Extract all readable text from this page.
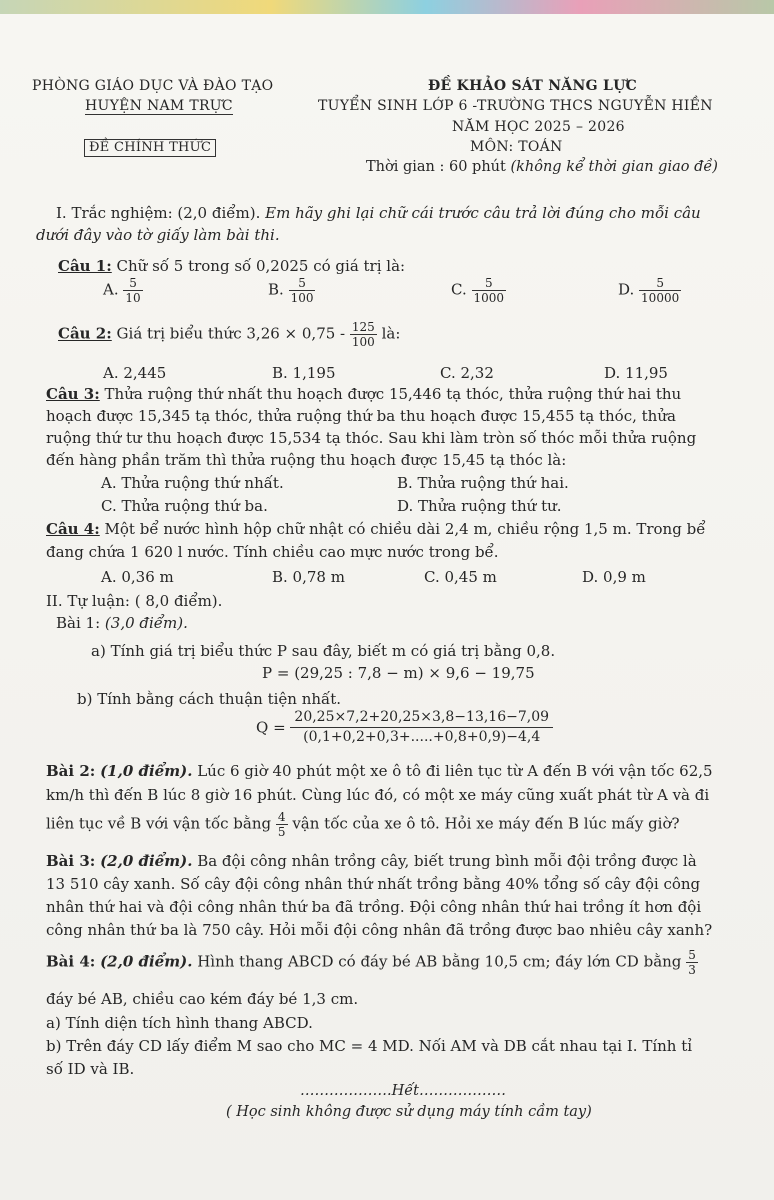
PHÒNG GIÁO DỤC VÀ ĐÀO TẠO
HUYỆN NAM TRỰC
ĐỀ CHÍNH THỨC
ĐỀ KHẢO SÁT NĂNG LỰC
TUYỂN SINH LỚP 6 -TRƯỜNG THCS NGUYỄN HIỀN
NĂM HỌC 2025 – 2026
MÔN: TOÁN
Thời gian : 60 phút (không kể thời gian giao đề)
I. Trắc nghiệm: (2,0 điểm). Em hãy ghi lại chữ cái trước câu trả lời đúng cho mỗi câu
dưới đây vào tờ giấy làm bài thi.
Câu 1: Chữ số 5 trong số 0,2025 có giá trị là:
A. $\frac{5}{10}$	B. $\frac{5}{100}$	C. $\frac{5}{1000}$	D. $\frac{5}{10000}$
Câu 2: Giá trị biểu thức $3,26 \times 0,75 - \frac{125}{100}$ là:
A. 2,445	B. 1,195	C. 2,32	D. 11,95
Câu 3: Thửa ruộng thứ nhất thu hoạch được 15,446 tạ thóc, thửa ruộng thứ hai thu
hoạch được 15,345 tạ thóc, thửa ruộng thứ ba thu hoạch được 15,455 tạ thóc, thửa
ruộng thứ tư thu hoạch được 15,534 tạ thóc. Sau khi làm tròn số thóc mỗi thửa ruộng
đến hàng phần trăm thì thửa ruộng thu hoạch được 15,45 tạ thóc là:
A. Thửa ruộng thứ nhất.	B. Thửa ruộng thứ hai.
C. Thửa ruộng thứ ba.	D. Thửa ruộng thứ tư.
Câu 4: Một bể nước hình hộp chữ nhật có chiều dài 2,4 m, chiều rộng 1,5 m. Trong bể
đang chứa 1 620 l nước. Tính chiều cao mực nước trong bể.
A. 0,36 m	B. 0,78 m	C. 0,45 m	D. 0,9 m
II. Tự luận: ( 8,0 điểm).
Bài 1: (3,0 điểm).
a) Tính giá trị biểu thức P sau đây, biết m có giá trị bằng 0,8.
P = (29,25 : 7,8 − m) × 9,6 − 19,75
b) Tính bằng cách thuận tiện nhất.
$Q = \frac{20,25\times 7,2+20,25\times 3,8-13,16-7,09}{(0,1+0,2+0,3+.....+0,8+0,9)-4,4}$
Bài 2: (1,0 điểm). Lúc 6 giờ 40 phút một xe ô tô đi liên tục từ A đến B với vận tốc 62,5
km/h thì đến B lúc 8 giờ 16 phút. Cùng lúc đó, có một xe máy cũng xuất phát từ A và đi
liên tục về B với vận tốc bằng $\frac{4}{5}$ vận tốc của xe ô tô. Hỏi xe máy đến B lúc mấy giờ?
Bài 3: (2,0 điểm). Ba đội công nhân trồng cây, biết trung bình mỗi đội trồng được là
13 510 cây xanh. Số cây đội công nhân thứ nhất trồng bằng 40% tổng số cây đội công
nhân thứ hai và đội công nhân thứ ba đã trồng. Đội công nhân thứ hai trồng ít hơn đội
công nhân thứ ba là 750 cây. Hỏi mỗi đội công nhân đã trồng được bao nhiêu cây xanh?
Bài 4: (2,0 điểm). Hình thang ABCD có đáy bé AB bằng 10,5 cm; đáy lớn CD bằng $\frac{5}{3}$
đáy bé AB, chiều cao kém đáy bé 1,3 cm.
a) Tính diện tích hình thang ABCD.
b) Trên đáy CD lấy điểm M sao cho MC = 4 MD. Nối AM và DB cắt nhau tại I. Tính tỉ
số ID và IB.
……………….Hết………………
( Học sinh không được sử dụng máy tính cầm tay)
